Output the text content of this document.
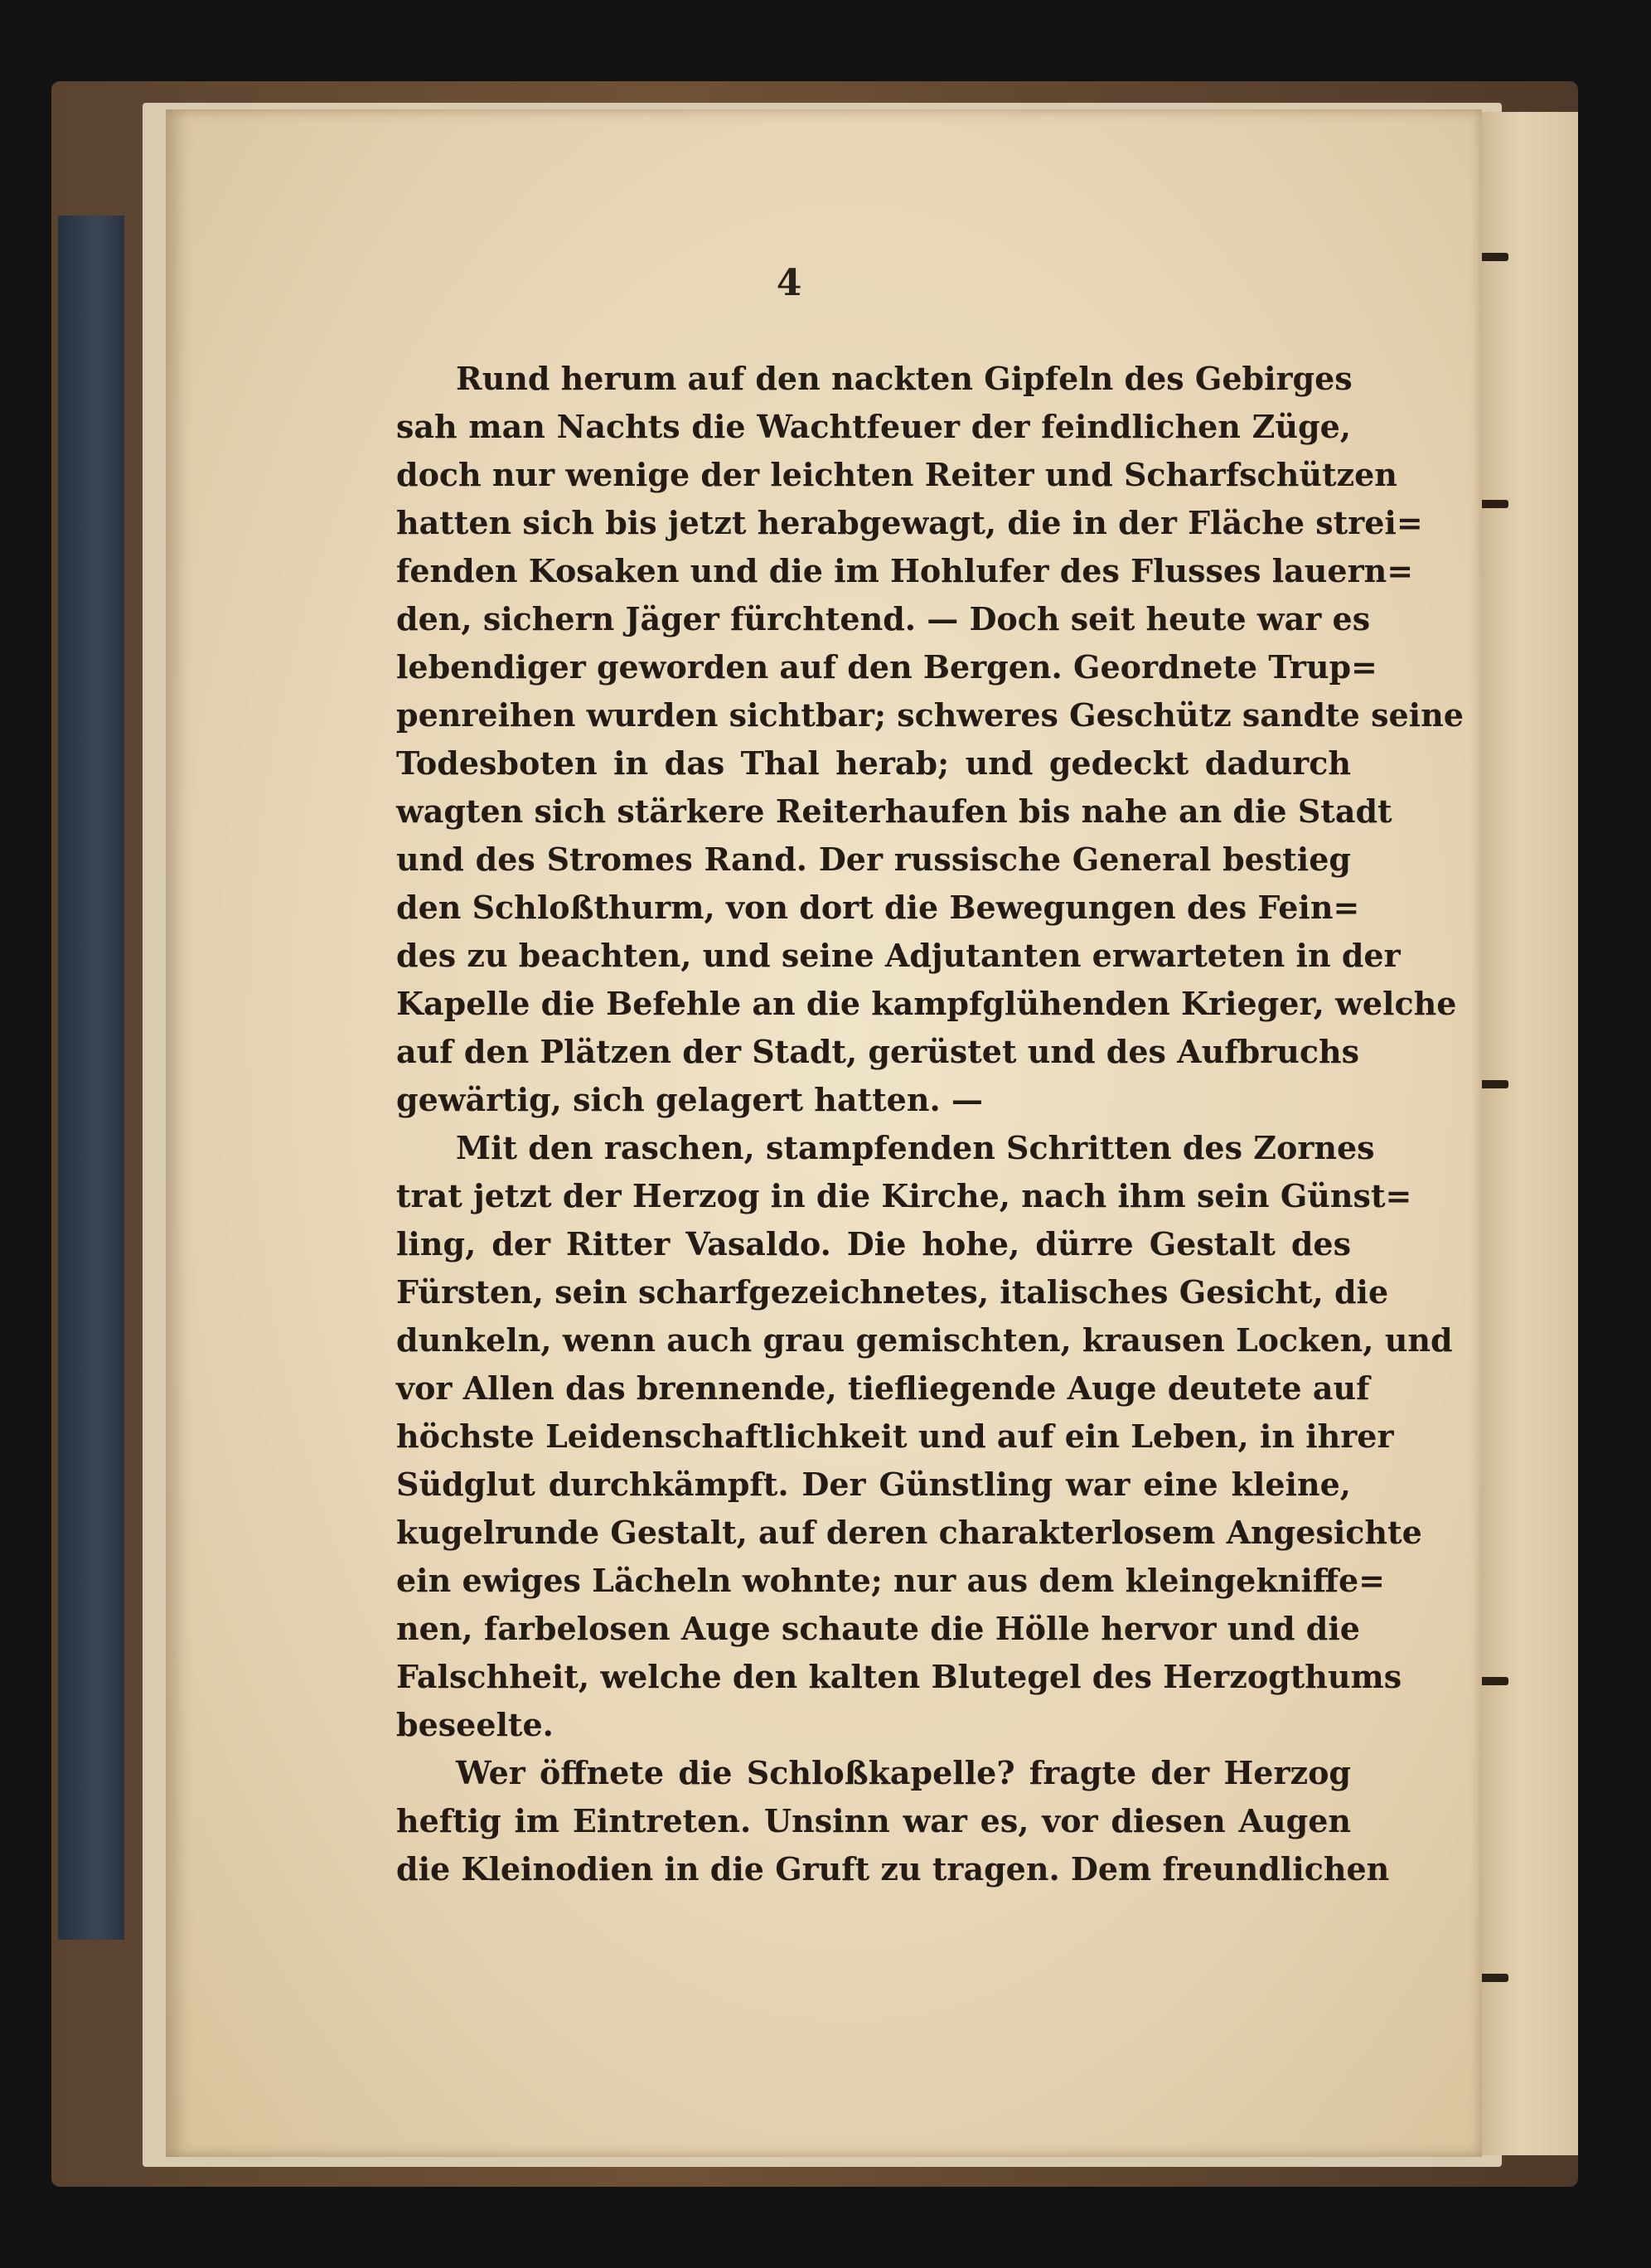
4
Rund herum auf den nackten Gipfeln des Gebirges
sah man Nachts die Wachtfeuer der feindlichen Züge,
doch nur wenige der leichten Reiter und Scharfschützen
hatten sich bis jetzt herabgewagt, die in der Fläche strei=
fenden Kosaken und die im Hohlufer des Flusses lauern=
den, sichern Jäger fürchtend. — Doch seit heute war es
lebendiger geworden auf den Bergen. Geordnete Trup=
penreihen wurden sichtbar; schweres Geschütz sandte seine
Todesboten in das Thal herab; und gedeckt dadurch
wagten sich stärkere Reiterhaufen bis nahe an die Stadt
und des Stromes Rand. Der russische General bestieg
den Schloßthurm, von dort die Bewegungen des Fein=
des zu beachten, und seine Adjutanten erwarteten in der
Kapelle die Befehle an die kampfglühenden Krieger, welche
auf den Plätzen der Stadt, gerüstet und des Aufbruchs
gewärtig, sich gelagert hatten. —
Mit den raschen, stampfenden Schritten des Zornes
trat jetzt der Herzog in die Kirche, nach ihm sein Günst=
ling, der Ritter Vasaldo. Die hohe, dürre Gestalt des
Fürsten, sein scharfgezeichnetes, italisches Gesicht, die
dunkeln, wenn auch grau gemischten, krausen Locken, und
vor Allen das brennende, tiefliegende Auge deutete auf
höchste Leidenschaftlichkeit und auf ein Leben, in ihrer
Südglut durchkämpft. Der Günstling war eine kleine,
kugelrunde Gestalt, auf deren charakterlosem Angesichte
ein ewiges Lächeln wohnte; nur aus dem kleingekniffe=
nen, farbelosen Auge schaute die Hölle hervor und die
Falschheit, welche den kalten Blutegel des Herzogthums
beseelte.
Wer öffnete die Schloßkapelle? fragte der Herzog
heftig im Eintreten. Unsinn war es, vor diesen Augen
die Kleinodien in die Gruft zu tragen. Dem freundlichen
